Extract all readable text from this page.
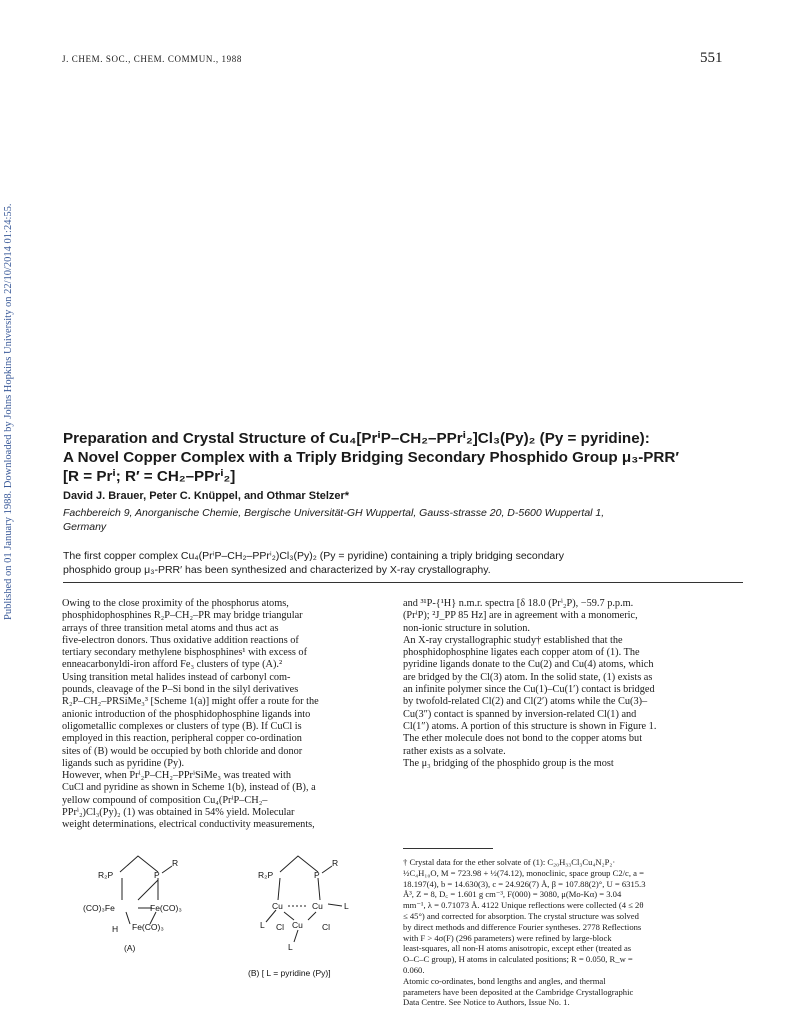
J. CHEM. SOC., CHEM. COMMUN., 1988	551
Published on 01 January 1988. Downloaded by Johns Hopkins University on 22/10/2014 01:24:55.	Preparation and Crystal Structure of Cu₄[PrⁱP–CH₂–PPrⁱ₂]Cl₃(Py)₂ (Py = pyridine):
A Novel Copper Complex with a Triply Bridging Secondary Phosphido Group μ₃-PRR′
[R = Prⁱ; R′ = CH₂–PPrⁱ₂]
David J. Brauer, Peter C. Knüppel, and Othmar Stelzer*
Fachbereich 9, Anorganische Chemie, Bergische Universität-GH Wuppertal, Gauss-strasse 20, D-5600 Wuppertal 1,
Germany
The first copper complex Cu₄(PrⁱP–CH₂–PPrⁱ₂)Cl₃(Py)₂ (Py = pyridine) containing a triply bridging secondary
phosphido group μ₃-PRR′ has been synthesized and characterized by X-ray crystallography.
Owing to the close proximity of the phosphorus atoms,
phosphidophosphines R₂P–CH₂–PR may bridge triangular
arrays of three transition metal atoms and thus act as
five-electron donors. Thus oxidative addition reactions of
tertiary secondary methylene bisphosphines¹ with excess of
enneacarbonyldi-iron afford Fe₃ clusters of type (A).²
Using transition metal halides instead of carbonyl com-
pounds, cleavage of the P–Si bond in the silyl derivatives
R₂P–CH₂–PRSiMe₃³ [Scheme 1(a)] might offer a route for the
anionic introduction of the phosphidophosphine ligands into
oligometallic complexes or clusters of type (B). If CuCl is
employed in this reaction, peripheral copper co-ordination
sites of (B) would be occupied by both chloride and donor
ligands such as pyridine (Py).
However, when Prⁱ₂P–CH₂–PPrⁱSiMe₃ was treated with
CuCl and pyridine as shown in Scheme 1(b), instead of (B), a
yellow compound of composition Cu₄(PrⁱP–CH₂–
PPrⁱ₂)Cl₃(Py)₂ (1) was obtained in 54% yield. Molecular
weight determinations, electrical conductivity measurements,
and ³¹P-{¹H} n.m.r. spectra [δ 18.0 (Prⁱ₂P), −59.7 p.p.m.
(PrⁱP); ²J_PP 85 Hz] are in agreement with a monomeric,
non-ionic structure in solution.
An X-ray crystallographic study† established that the
phosphidophosphine ligates each copper atom of (1). The
pyridine ligands donate to the Cu(2) and Cu(4) atoms, which
are bridged by the Cl(3) atom. In the solid state, (1) exists as
an infinite polymer since the Cu(1)–Cu(1′) contact is bridged
by twofold-related Cl(2) and Cl(2′) atoms while the Cu(3)–
Cu(3″) contact is spanned by inversion-related Cl(1) and
Cl(1″) atoms. A portion of this structure is shown in Figure 1.
The ether molecule does not bond to the copper atoms but
rather exists as a solvate.
The μ₃ bridging of the phosphido group is the most
† Crystal data for the ether solvate of (1): C₂₀H₃₃Cl₃Cu₄N₂P₂·
½C₄H₁₀O, M = 723.98 + ½(74.12), monoclinic, space group C2/c, a =
18.197(4), b = 14.630(3), c = 24.926(7) Å, β = 107.88(2)°, U = 6315.3
Å³, Z = 8, D꜀ = 1.601 g cm⁻³, F(000) = 3080, μ(Mo-Kα) = 3.04
mm⁻¹, λ = 0.71073 Å. 4122 Unique reflections were collected (4 ≤ 2θ
≤ 45°) and corrected for absorption. The crystal structure was solved
by direct methods and difference Fourier syntheses. 2778 Reflections
with F > 4σ(F) (296 parameters) were refined by large-block
least-squares, all non-H atoms anisotropic, except ether (treated as
O–C–C group), H atoms in calculated positions; R = 0.050, R_w =
0.060.
Atomic co-ordinates, bond lengths and angles, and thermal
parameters have been deposited at the Cambridge Crystallographic
Data Centre. See Notice to Authors, Issue No. 1.
R₂P	P
R
(CO)₃Fe	Fe(CO)₃
Fe(CO)₃
H
(A)
R₂P	P
R
Cu	Cu
Cu
L
L
L
Cl	Cl
(B) [ L = pyridine (Py)]
